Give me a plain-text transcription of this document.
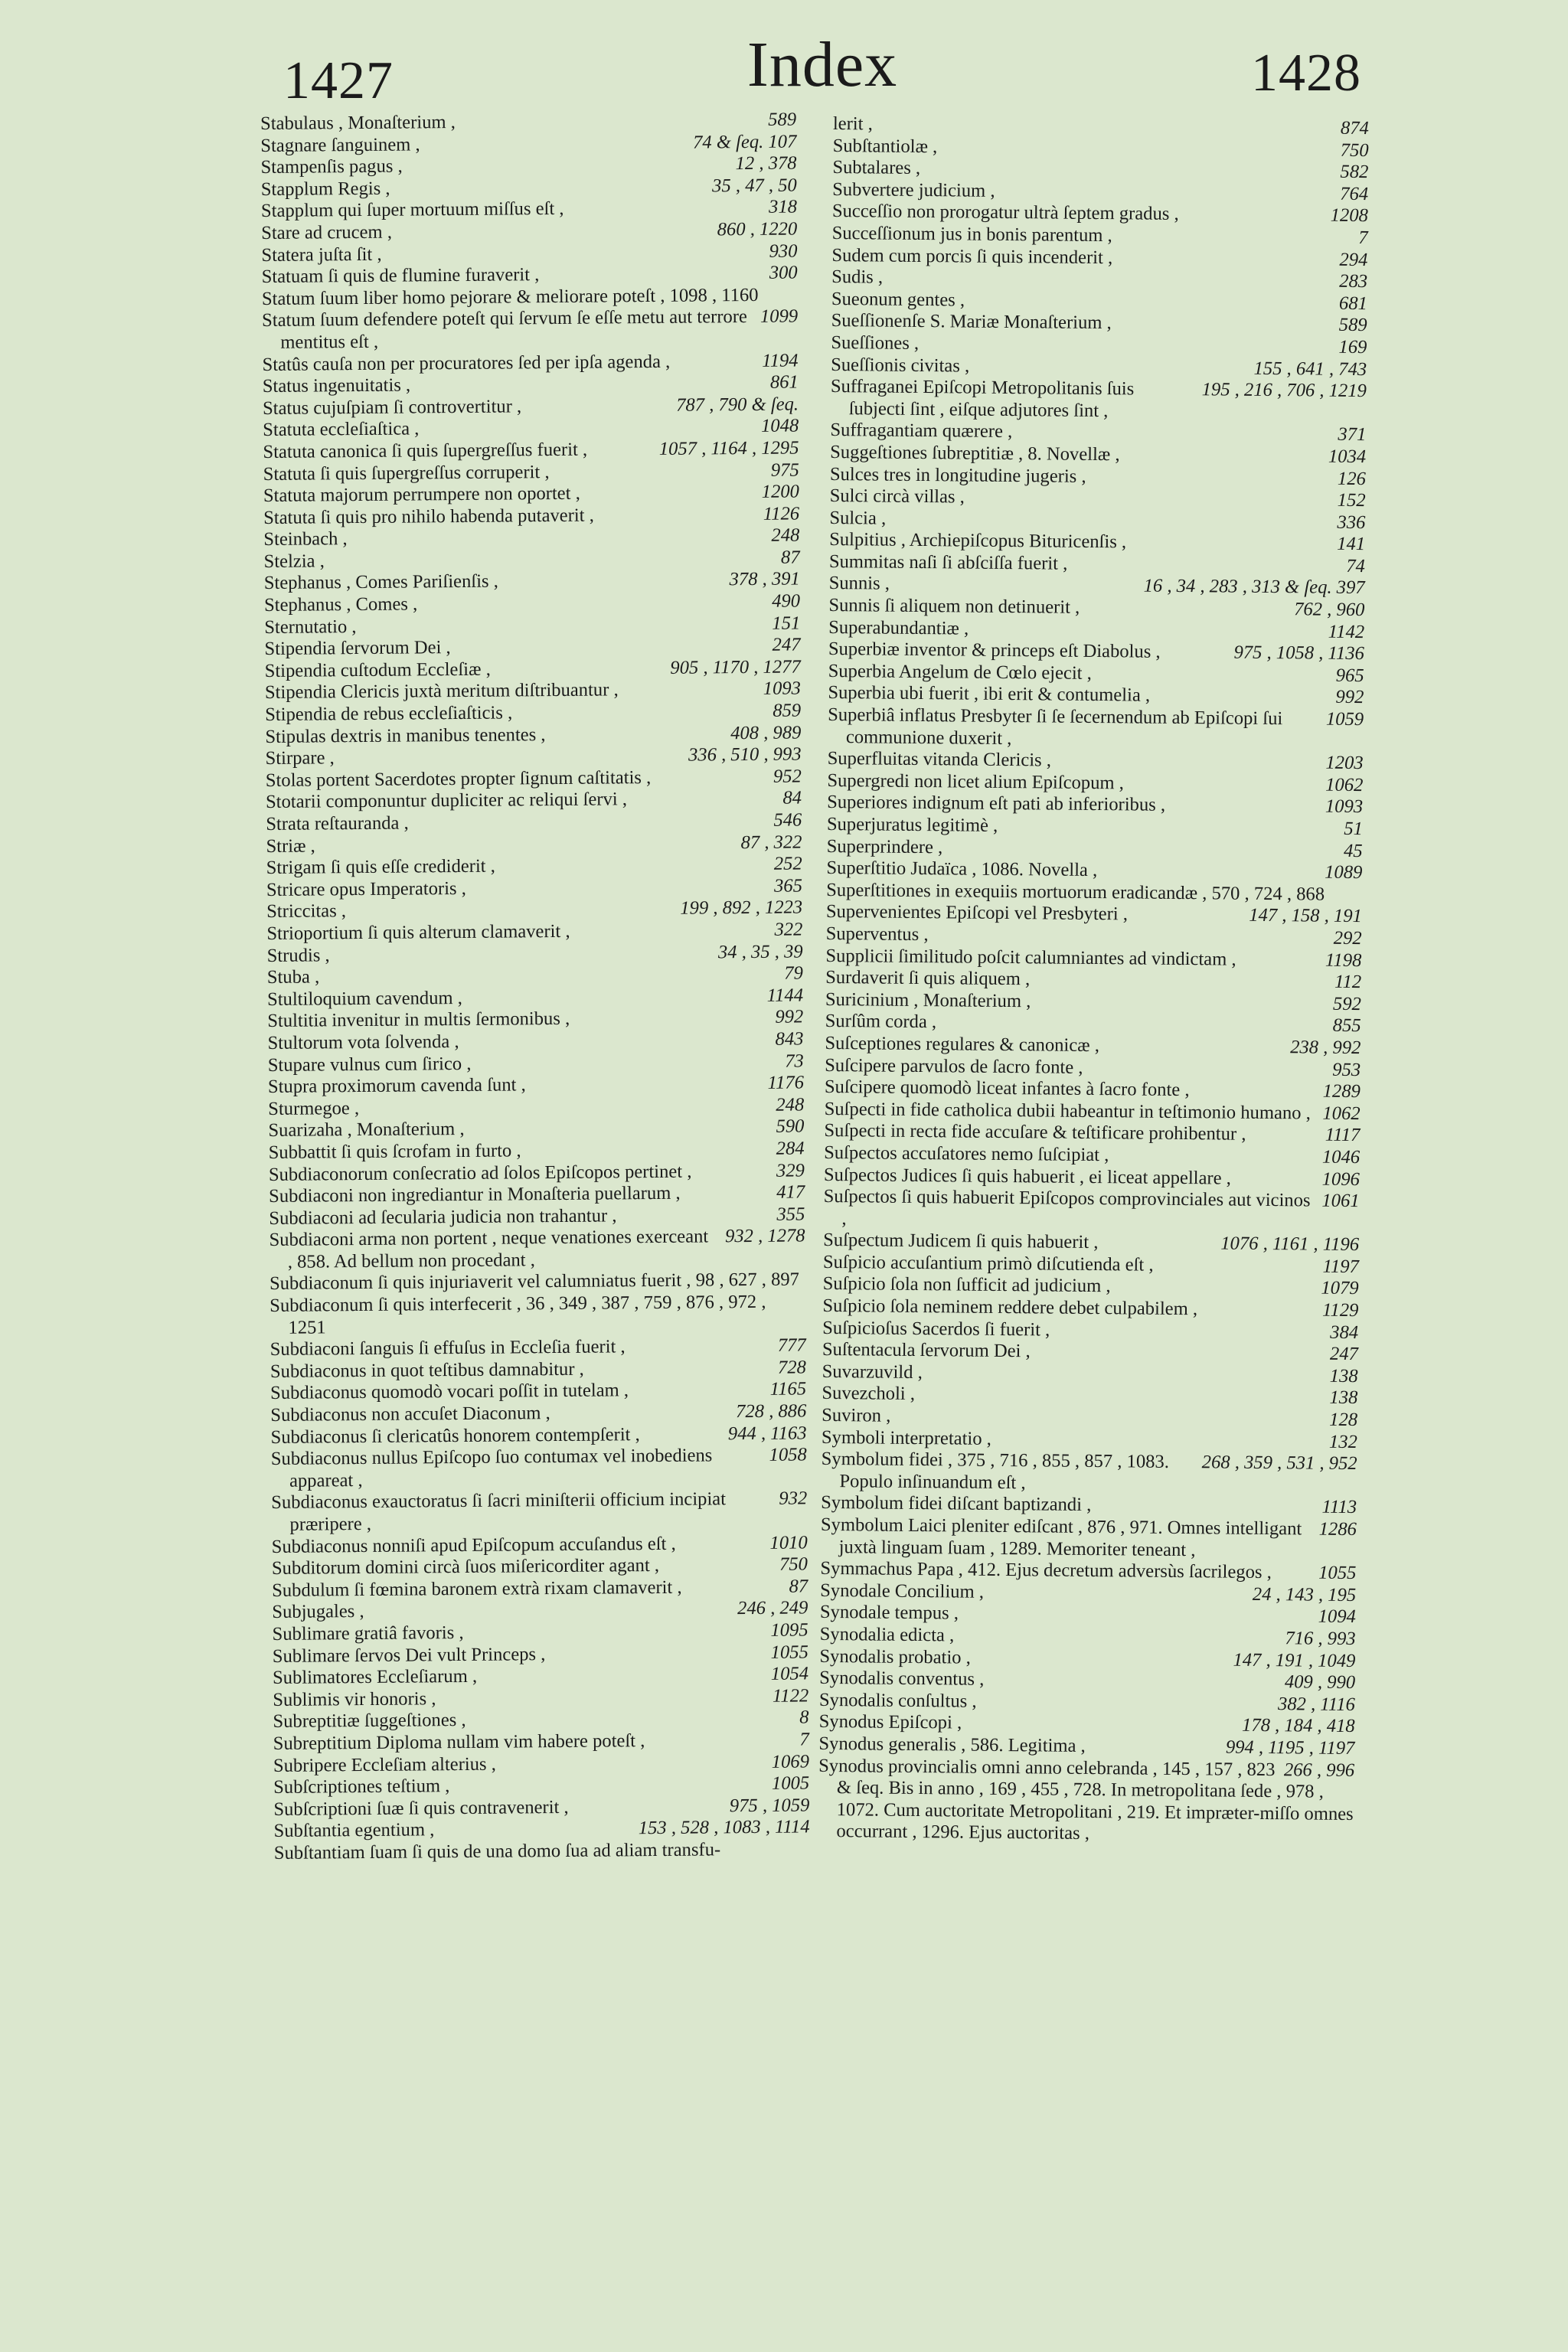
1427	Index	1428

589
Stabulaus , Monaſterium ,

74 & ſeq. 107
Stagnare ſanguinem ,

12 , 378
Stampenſis pagus ,

35 , 47 , 50
Stapplum Regis ,

318
Stapplum qui ſuper mortuum miſſus eſt ,

860 , 1220
Stare ad crucem ,

930
Statera juſta ſit ,

300
Statuam ſi quis de flumine furaverit ,

Statum ſuum liber homo pejorare & meliorare poteſt , 1098 , 1160

1099
Statum ſuum defendere poteſt qui ſervum ſe eſſe metu aut terrore mentitus eſt ,

1194
Statûs cauſa non per procuratores ſed per ipſa agenda ,

861
Status ingenuitatis ,

787 , 790 & ſeq.
Status cujuſpiam ſi controvertitur ,

1048
Statuta eccleſiaſtica ,

1057 , 1164 , 1295
Statuta canonica ſi quis ſupergreſſus fuerit ,

975
Statuta ſi quis ſupergreſſus corruperit ,

1200
Statuta majorum perrumpere non oportet ,

1126
Statuta ſi quis pro nihilo habenda putaverit ,

248
Steinbach ,

87
Stelzia ,

378 , 391
Stephanus , Comes Pariſienſis ,

490
Stephanus , Comes ,

151
Sternutatio ,

247
Stipendia ſervorum Dei ,

905 , 1170 , 1277
Stipendia cuſtodum Eccleſiæ ,

1093
Stipendia Clericis juxtà meritum diſtribuantur ,

859
Stipendia de rebus eccleſiaſticis ,

408 , 989
Stipulas dextris in manibus tenentes ,

336 , 510 , 993
Stirpare ,

952
Stolas portent Sacerdotes propter ſignum caſtitatis ,

84
Stotarii componuntur dupliciter ac reliqui ſervi ,

546
Strata reſtauranda ,

87 , 322
Striæ ,

252
Strigam ſi quis eſſe crediderit ,

365
Stricare opus Imperatoris ,

199 , 892 , 1223
Striccitas ,

322
Strioportium ſi quis alterum clamaverit ,

34 , 35 , 39
Strudis ,

79
Stuba ,

1144
Stultiloquium cavendum ,

992
Stultitia invenitur in multis ſermonibus ,

843
Stultorum vota ſolvenda ,

73
Stupare vulnus cum ſirico ,

1176
Stupra proximorum cavenda ſunt ,

248
Sturmegoe ,

590
Suarizaha , Monaſterium ,

284
Subbattit ſi quis ſcrofam in furto ,

329
Subdiaconorum conſecratio ad ſolos Epiſcopos pertinet ,

417
Subdiaconi non ingrediantur in Monaſteria puellarum ,

355
Subdiaconi ad ſecularia judicia non trahantur ,

932 , 1278
Subdiaconi arma non portent , neque venationes exerceant , 858. Ad bellum non procedant ,

Subdiaconum ſi quis injuriaverit vel calumniatus fuerit , 98 , 627 , 897

Subdiaconum ſi quis interfecerit , 36 , 349 , 387 , 759 , 876 , 972 , 1251

777
Subdiaconi ſanguis ſi effuſus in Eccleſia fuerit ,

728
Subdiaconus in quot teſtibus damnabitur ,

1165
Subdiaconus quomodò vocari poſſit in tutelam ,

728 , 886
Subdiaconus non accuſet Diaconum ,

944 , 1163
Subdiaconus ſi clericatûs honorem contempſerit ,

1058
Subdiaconus nullus Epiſcopo ſuo contumax vel inobediens appareat ,

932
Subdiaconus exauctoratus ſi ſacri miniſterii officium incipiat præripere ,

1010
Subdiaconus nonniſi apud Epiſcopum accuſandus eſt ,

750
Subditorum domini circà ſuos miſericorditer agant ,

87
Subdulum ſi fœmina baronem extrà rixam clamaverit ,

246 , 249
Subjugales ,

1095
Sublimare gratiâ favoris ,

1055
Sublimare ſervos Dei vult Princeps ,

1054
Sublimatores Eccleſiarum ,

1122
Sublimis vir honoris ,

8
Subreptitiæ ſuggeſtiones ,

7
Subreptitium Diploma nullam vim habere poteſt ,

1069
Subripere Eccleſiam alterius ,

1005
Subſcriptiones teſtium ,

975 , 1059
Subſcriptioni ſuæ ſi quis contravenerit ,

153 , 528 , 1083 , 1114
Subſtantia egentium ,

Subſtantiam ſuam ſi quis de una domo ſua ad aliam transfu-

874
lerit ,

750
Subſtantiolæ ,

582
Subtalares ,

764
Subvertere judicium ,

1208
Succeſſio non prorogatur ultrà ſeptem gradus ,

7
Succeſſionum jus in bonis parentum ,

294
Sudem cum porcis ſi quis incenderit ,

283
Sudis ,

681
Sueonum gentes ,

589
Sueſſionenſe S. Mariæ Monaſterium ,

169
Sueſſiones ,

155 , 641 , 743
Sueſſionis civitas ,

195 , 216 , 706 , 1219
Suffraganei Epiſcopi Metropolitanis ſuis ſubjecti ſint , eiſque adjutores ſint ,

371
Suffragantiam quærere ,

1034
Suggeſtiones ſubreptitiæ , 8. Novellæ ,

126
Sulces tres in longitudine jugeris ,

152
Sulci circà villas ,

336
Sulcia ,

141
Sulpitius , Archiepiſcopus Bituricenſis ,

74
Summitas naſi ſi abſciſſa fuerit ,

16 , 34 , 283 , 313 & ſeq. 397
Sunnis ,

762 , 960
Sunnis ſi aliquem non detinuerit ,

1142
Superabundantiæ ,

975 , 1058 , 1136
Superbiæ inventor & princeps eſt Diabolus ,

965
Superbia Angelum de Cœlo ejecit ,

992
Superbia ubi fuerit , ibi erit & contumelia ,

1059
Superbiâ inflatus Presbyter ſi ſe ſecernendum ab Epiſcopi ſui communione duxerit ,

1203
Superfluitas vitanda Clericis ,

1062
Supergredi non licet alium Epiſcopum ,

1093
Superiores indignum eſt pati ab inferioribus ,

51
Superjuratus legitimè ,

45
Superprindere ,

1089
Superſtitio Judaïca , 1086. Novella ,

Superſtitiones in exequiis mortuorum eradicandæ , 570 , 724 , 868

147 , 158 , 191
Supervenientes Epiſcopi vel Presbyteri ,

292
Superventus ,

1198
Supplicii ſimilitudo poſcit calumniantes ad vindictam ,

112
Surdaverit ſi quis aliquem ,

592
Suricinium , Monaſterium ,

855
Surſûm corda ,

238 , 992
Suſceptiones regulares & canonicæ ,

953
Suſcipere parvulos de ſacro fonte ,

1289
Suſcipere quomodò liceat infantes à ſacro fonte ,

1062
Suſpecti in fide catholica dubii habeantur in teſtimonio humano ,

1117
Suſpecti in recta fide accuſare & teſtificare prohibentur ,

1046
Suſpectos accuſatores nemo ſuſcipiat ,

1096
Suſpectos Judices ſi quis habuerit , ei liceat appellare ,

1061
Suſpectos ſi quis habuerit Epiſcopos comprovinciales aut vicinos ,

1076 , 1161 , 1196
Suſpectum Judicem ſi quis habuerit ,

1197
Suſpicio accuſantium primò diſcutienda eſt ,

1079
Suſpicio ſola non ſufficit ad judicium ,

1129
Suſpicio ſola neminem reddere debet culpabilem ,

384
Suſpicioſus Sacerdos ſi fuerit ,

247
Suſtentacula ſervorum Dei ,

138
Suvarzuvild ,

138
Suvezcholi ,

128
Suviron ,

132
Symboli interpretatio ,

268 , 359 , 531 , 952
Symbolum fidei , 375 , 716 , 855 , 857 , 1083. Populo inſinuandum eſt ,

1113
Symbolum fidei diſcant baptizandi ,

1286
Symbolum Laici pleniter ediſcant , 876 , 971. Omnes intelligant juxtà linguam ſuam , 1289. Memoriter teneant ,

1055
Symmachus Papa , 412. Ejus decretum adversùs ſacrilegos ,

24 , 143 , 195
Synodale Concilium ,

1094
Synodale tempus ,

716 , 993
Synodalia edicta ,

147 , 191 , 1049
Synodalis probatio ,

409 , 990
Synodalis conventus ,

382 , 1116
Synodalis conſultus ,

178 , 184 , 418
Synodus Epiſcopi ,

994 , 1195 , 1197
Synodus generalis , 586. Legitima ,

266 , 996
Synodus provincialis omni anno celebranda , 145 , 157 , 823 & ſeq. Bis in anno , 169 , 455 , 728. In metropolitana ſede , 978 , 1072. Cum auctoritate Metropolitani , 219. Et impræter-miſſo omnes occurrant , 1296. Ejus auctoritas ,
